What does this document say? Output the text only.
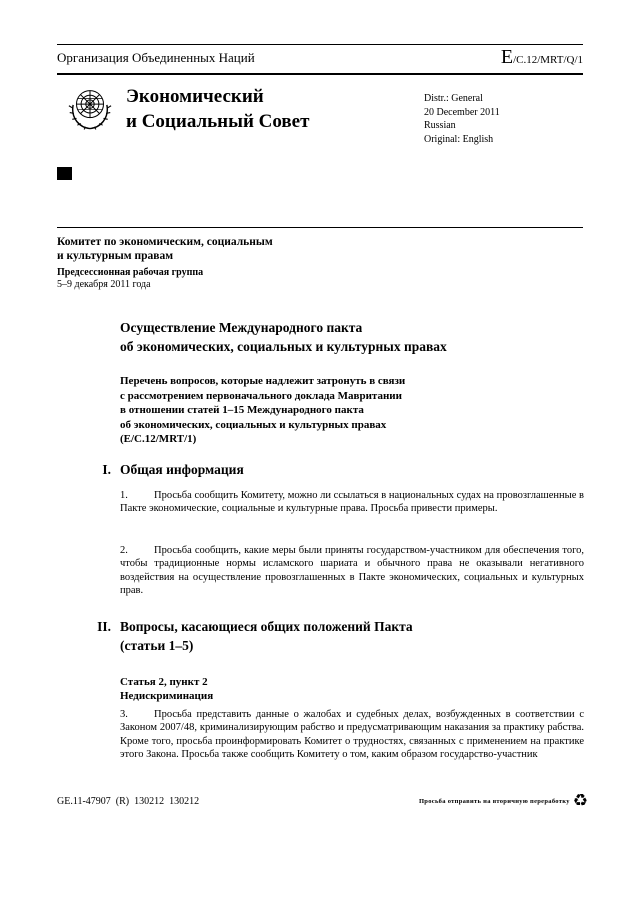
Организация Объединенных Наций	E /C.12/MRT/Q/1
Экономический
и Социальный Совет
Distr.: General
20 December 2011
Russian
Original: English
Комитет по экономическим, социальным
и культурным правам
Предсессионная рабочая группа
5–9 декабря 2011 года
Осуществление Международного пакта
об экономических, социальных и культурных правах
Перечень вопросов, которые надлежит затронуть в связи
с рассмотрением первоначального доклада Мавритании
в отношении статей 1–15 Международного пакта
об экономических, социальных и культурных правах
(E/C.12/MRT/1)
I. Общая информация

1. Просьба сообщить Комитету, можно ли ссылаться в национальных судах на провозглашенные в Пакте экономические, социальные и культурные права. Просьба привести примеры.

2. Просьба сообщить, какие меры были приняты государством-участником для обеспечения того, чтобы традиционные нормы исламского шариата и обычного права не оказывали негативного воздействия на осуществление провозглашенных в Пакте экономических, социальных и культурных прав.

II. Вопросы, касающиеся общих положений Пакта
(статьи 1–5)
Статья 2, пункт 2
Недискриминация

3. Просьба представить данные о жалобах и судебных делах, возбужденных в соответствии с Законом 2007/48, криминализирующим рабство и предусматривающим наказания за практику рабства. Кроме того, просьба проинформировать Комитет о трудностях, связанных с применением на практике этого Закона. Просьба также сообщить Комитету о том, каким образом государство-участник

GE.11-47907  (R)  130212  130212	Просьба отправить на вторичную переработку ♻
